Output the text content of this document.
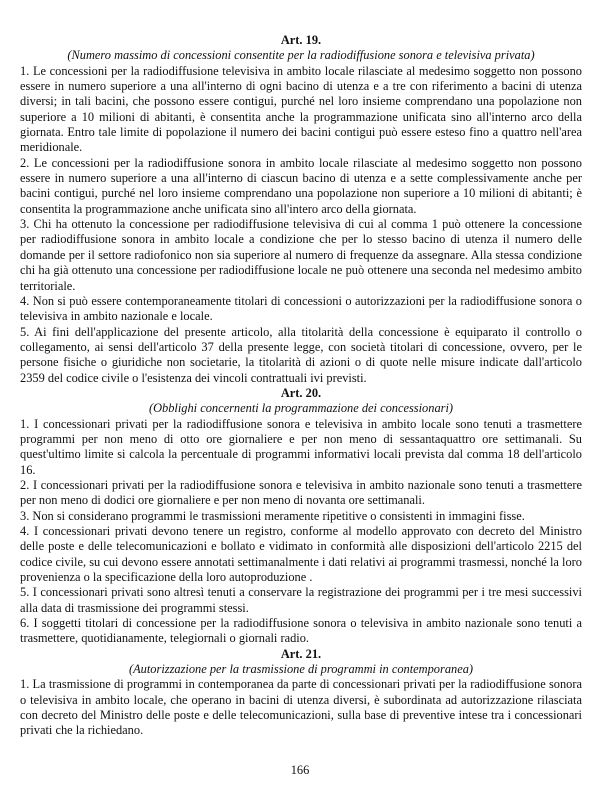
Art. 19.

(Numero massimo di concessioni consentite per la radiodiffusione sonora e televisiva privata)

1. Le concessioni per la radiodiffusione televisiva in ambito locale rilasciate al medesimo soggetto non possono essere in numero superiore a una all'interno di ogni bacino di utenza e a tre con riferimento a bacini di utenza diversi; in tali bacini, che possono essere contigui, purché nel loro insieme comprendano una popolazione non superiore a 10 milioni di abitanti, è consentita anche la programmazione unificata sino all'interno arco della giornata. Entro tale limite di popolazione il numero dei bacini contigui può essere esteso fino a quattro nell'area meridionale.

2. Le concessioni per la radiodiffusione sonora in ambito locale rilasciate al medesimo soggetto non possono essere in numero superiore a una all'interno di ciascun bacino di utenza e a sette complessivamente anche per bacini contigui, purché nel loro insieme comprendano una popolazione non superiore a 10 milioni di abitanti; è consentita la programmazione anche unificata sino all'intero arco della giornata.

3. Chi ha ottenuto la concessione per radiodiffusione televisiva di cui al comma 1 può ottenere la concessione per radiodiffusione sonora in ambito locale a condizione che per lo stesso bacino di utenza il numero delle domande per il settore radiofonico non sia superiore al numero di frequenze da assegnare. Alla stessa condizione chi ha già ottenuto una concessione per radiodiffusione locale ne può ottenere una seconda nel medesimo ambito territoriale.

4. Non si può essere contemporaneamente titolari di concessioni o autorizzazioni per la radiodiffusione sonora o televisiva in ambito nazionale e locale.

5. Ai fini dell'applicazione del presente articolo, alla titolarità della concessione è equiparato il controllo o collegamento, ai sensi dell'articolo 37 della presente legge, con società titolari di concessione, ovvero, per le persone fisiche o giuridiche non societarie, la titolarità di azioni o di quote nelle misure indicate dall'articolo 2359 del codice civile o l'esistenza dei vincoli contrattuali ivi previsti.

Art. 20.

(Obblighi concernenti la programmazione dei concessionari)

1. I concessionari privati per la radiodiffusione sonora e televisiva in ambito locale sono tenuti a trasmettere programmi per non meno di otto ore giornaliere e per non meno di sessantaquattro ore settimanali. Su quest'ultimo limite si calcola la percentuale di programmi informativi locali prevista dal comma 18 dell'articolo 16.

2. I concessionari privati per la radiodiffusione sonora e televisiva in ambito nazionale sono tenuti a trasmettere per non meno di dodici ore giornaliere e per non meno di novanta ore settimanali.

3. Non si considerano programmi le trasmissioni meramente ripetitive o consistenti in immagini fisse.

4. I concessionari privati devono tenere un registro, conforme al modello approvato con decreto del Ministro delle poste e delle telecomunicazioni e bollato e vidimato in conformità alle disposizioni dell'articolo 2215 del codice civile, su cui devono essere annotati settimanalmente i dati relativi ai programmi trasmessi, nonché la loro provenienza o la specificazione della loro autoproduzione .

5. I concessionari privati sono altresì tenuti a conservare la registrazione dei programmi per i tre mesi successivi alla data di trasmissione dei programmi stessi.

6. I soggetti titolari di concessione per la radiodiffusione sonora o televisiva in ambito nazionale sono tenuti a trasmettere, quotidianamente, telegiornali o giornali radio.

Art. 21.

(Autorizzazione per la trasmissione di programmi in contemporanea)

1. La trasmissione di programmi in contemporanea da parte di concessionari privati per la radiodiffusione sonora o televisiva in ambito locale, che operano in bacini di utenza diversi, è subordinata ad autorizzazione rilasciata con decreto del Ministro delle poste e delle telecomunicazioni, sulla base di preventive intese tra i concessionari privati che la richiedano.

166
